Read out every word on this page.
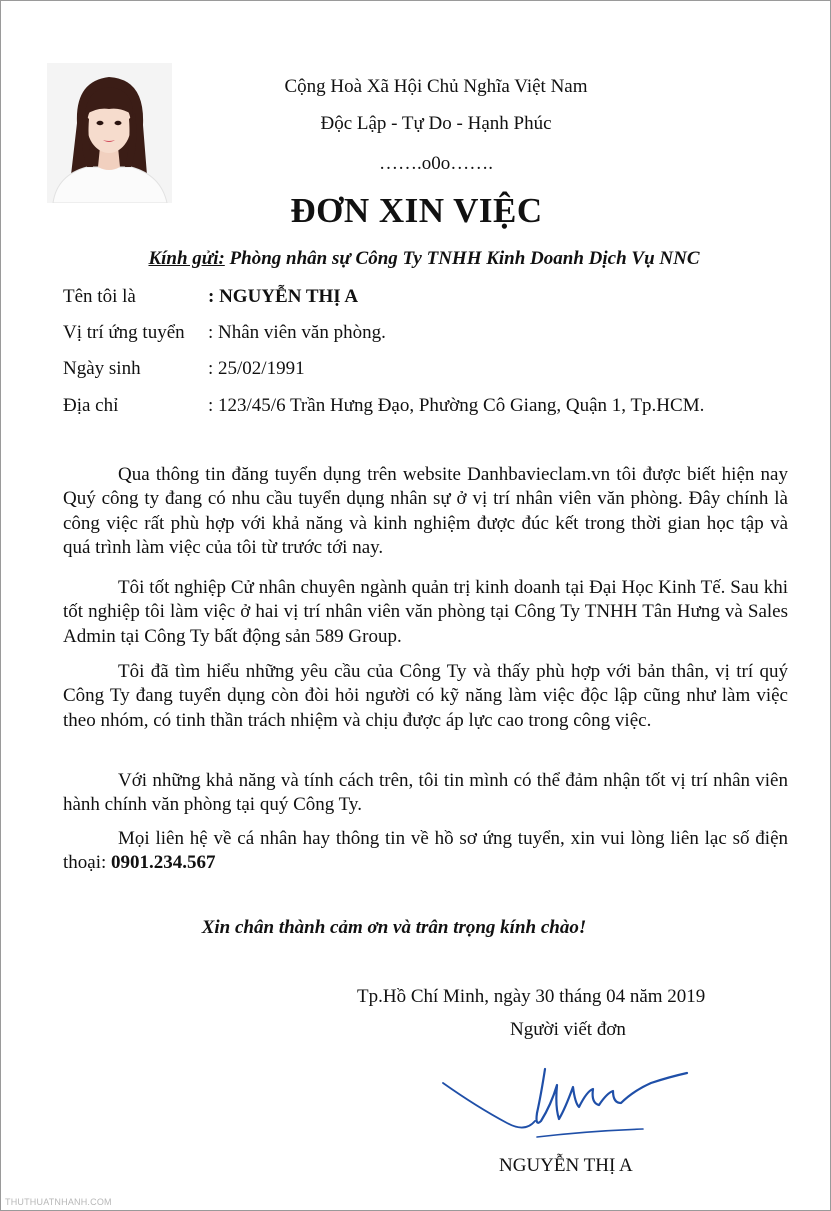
Cộng Hoà Xã Hội Chủ Nghĩa Việt Nam
Độc Lập - Tự Do - Hạnh Phúc
…….o0o…….
ĐƠN XIN VIỆC
Kính gửi: Phòng nhân sự Công Ty TNHH Kinh Doanh Dịch Vụ NNC
Tên tôi là	: NGUYỄN THỊ A
Vị trí ứng tuyển : Nhân viên văn phòng.
Ngày sinh	: 25/02/1991
Địa chỉ	: 123/45/6 Trần Hưng Đạo, Phường Cô Giang, Quận 1, Tp.HCM.
Qua thông tin đăng tuyển dụng trên website Danhbavieclam.vn tôi được biết hiện nay Quý công ty đang có nhu cầu tuyển dụng nhân sự ở vị trí nhân viên văn phòng. Đây chính là công việc rất phù hợp với khả năng và kinh nghiệm được đúc kết trong thời gian học tập và quá trình làm việc của tôi từ trước tới nay.
Tôi tốt nghiệp Cử nhân chuyên ngành quản trị kinh doanh tại Đại Học Kinh Tế. Sau khi tốt nghiệp tôi làm việc ở hai vị trí nhân viên văn phòng tại Công Ty TNHH Tân Hưng và Sales Admin tại Công Ty bất động sản 589 Group.
Tôi đã tìm hiểu những yêu cầu của Công Ty và thấy phù hợp với bản thân, vị trí quý Công Ty đang tuyển dụng còn đòi hỏi người có kỹ năng làm việc độc lập cũng như làm việc theo nhóm, có tinh thần trách nhiệm và chịu được áp lực cao trong công việc.
Với những khả năng và tính cách trên, tôi tin mình có thể đảm nhận tốt vị trí nhân viên hành chính văn phòng tại quý Công Ty.
Mọi liên hệ về cá nhân hay thông tin về hồ sơ ứng tuyển, xin vui lòng liên lạc số điện thoại: 0901.234.567
Xin chân thành cảm ơn và trân trọng kính chào!
Tp.Hồ Chí Minh, ngày 30 tháng 04 năm 2019
Người viết đơn
NGUYỄN THỊ A
THUTHUATNHANH.COM
